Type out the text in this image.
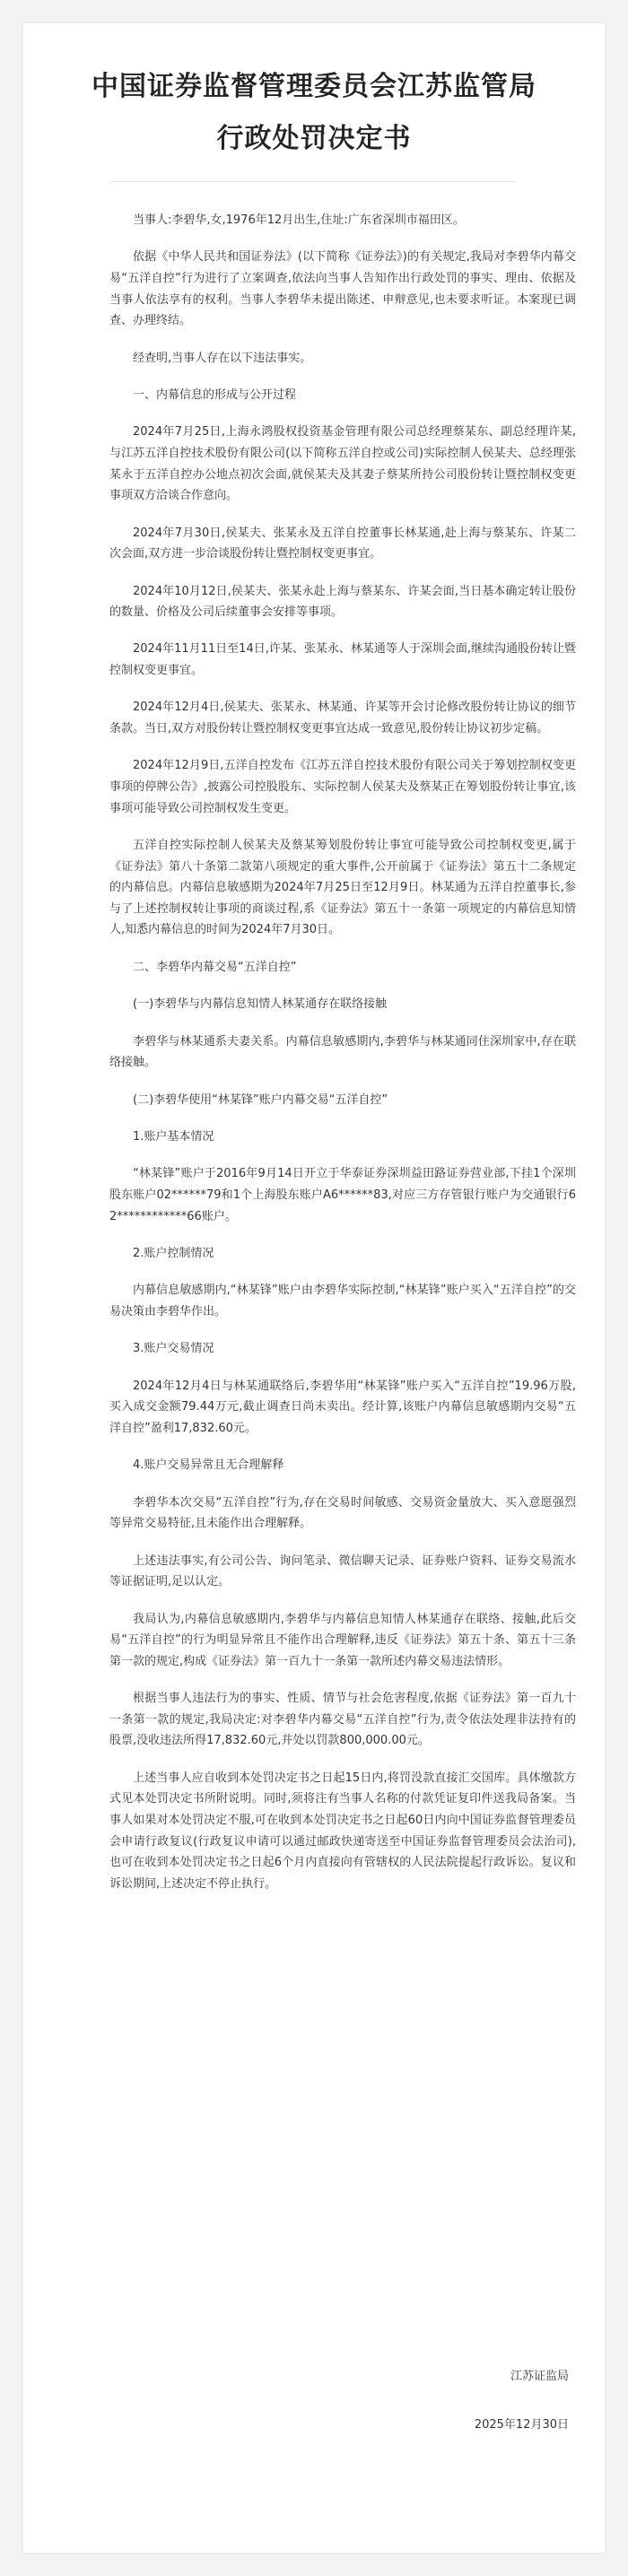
中国证券监督管理委员会江苏监管局
行政处罚决定书

当事人:李碧华,女,1976年12月出生,住址:广东省深圳市福田区。

依据《中华人民共和国证券法》(以下简称《证券法》)的有关规定,我局对李碧华内幕交易“五洋自控”行为进行了立案调查,依法向当事人告知作出行政处罚的事实、理由、依据及当事人依法享有的权利。当事人李碧华未提出陈述、申辩意见,也未要求听证。本案现已调查、办理终结。

经查明,当事人存在以下违法事实。

一、内幕信息的形成与公开过程

2024年7月25日,上海永鸿股权投资基金管理有限公司总经理蔡某东、副总经理许某,与江苏五洋自控技术股份有限公司(以下简称五洋自控或公司)实际控制人侯某夫、总经理张某永于五洋自控办公地点初次会面,就侯某夫及其妻子蔡某所持公司股份转让暨控制权变更事项双方洽谈合作意向。

2024年7月30日,侯某夫、张某永及五洋自控董事长林某通,赴上海与蔡某东、许某二次会面,双方进一步洽谈股份转让暨控制权变更事宜。

2024年10月12日,侯某夫、张某永赴上海与蔡某东、许某会面,当日基本确定转让股份的数量、价格及公司后续董事会安排等事项。

2024年11月11日至14日,许某、张某永、林某通等人于深圳会面,继续沟通股份转让暨控制权变更事宜。

2024年12月4日,侯某夫、张某永、林某通、许某等开会讨论修改股份转让协议的细节条款。当日,双方对股份转让暨控制权变更事宜达成一致意见,股份转让协议初步定稿。

2024年12月9日,五洋自控发布《江苏五洋自控技术股份有限公司关于筹划控制权变更事项的停牌公告》,披露公司控股股东、实际控制人侯某夫及蔡某正在筹划股份转让事宜,该事项可能导致公司控制权发生变更。

五洋自控实际控制人侯某夫及蔡某筹划股份转让事宜可能导致公司控制权变更,属于《证券法》第八十条第二款第八项规定的重大事件,公开前属于《证券法》第五十二条规定的内幕信息。内幕信息敏感期为2024年7月25日至12月9日。林某通为五洋自控董事长,参与了上述控制权转让事项的商谈过程,系《证券法》第五十一条第一项规定的内幕信息知情人,知悉内幕信息的时间为2024年7月30日。

二、李碧华内幕交易“五洋自控”

(一)李碧华与内幕信息知情人林某通存在联络接触

李碧华与林某通系夫妻关系。内幕信息敏感期内,李碧华与林某通同住深圳家中,存在联络接触。

(二)李碧华使用“林某锋”账户内幕交易“五洋自控”

1.账户基本情况

“林某锋”账户于2016年9月14日开立于华泰证券深圳益田路证券营业部,下挂1个深圳股东账户02******79和1个上海股东账户A6******83,对应三方存管银行账户为交通银行62************66账户。

2.账户控制情况

内幕信息敏感期内,“林某锋”账户由李碧华实际控制,“林某锋”账户买入“五洋自控”的交易决策由李碧华作出。

3.账户交易情况

2024年12月4日与林某通联络后,李碧华用“林某锋”账户买入“五洋自控”19.96万股,买入成交金额79.44万元,截止调查日尚未卖出。经计算,该账户内幕信息敏感期内交易“五洋自控”盈利17,832.60元。

4.账户交易异常且无合理解释

李碧华本次交易“五洋自控”行为,存在交易时间敏感、交易资金量放大、买入意愿强烈等异常交易特征,且未能作出合理解释。

上述违法事实,有公司公告、询问笔录、微信聊天记录、证券账户资料、证券交易流水等证据证明,足以认定。

我局认为,内幕信息敏感期内,李碧华与内幕信息知情人林某通存在联络、接触,此后交易“五洋自控”的行为明显异常且不能作出合理解释,违反《证券法》第五十条、第五十三条第一款的规定,构成《证券法》第一百九十一条第一款所述内幕交易违法情形。

根据当事人违法行为的事实、性质、情节与社会危害程度,依据《证券法》第一百九十一条第一款的规定,我局决定:对李碧华内幕交易“五洋自控”行为,责令依法处理非法持有的股票,没收违法所得17,832.60元,并处以罚款800,000.00元。

上述当事人应自收到本处罚决定书之日起15日内,将罚没款直接汇交国库。具体缴款方式见本处罚决定书所附说明。同时,须将注有当事人名称的付款凭证复印件送我局备案。当事人如果对本处罚决定不服,可在收到本处罚决定书之日起60日内向中国证券监督管理委员会申请行政复议(行政复议申请可以通过邮政快递寄送至中国证券监督管理委员会法治司),也可在收到本处罚决定书之日起6个月内直接向有管辖权的人民法院提起行政诉讼。复议和诉讼期间,上述决定不停止执行。

江苏证监局
2025年12月30日
